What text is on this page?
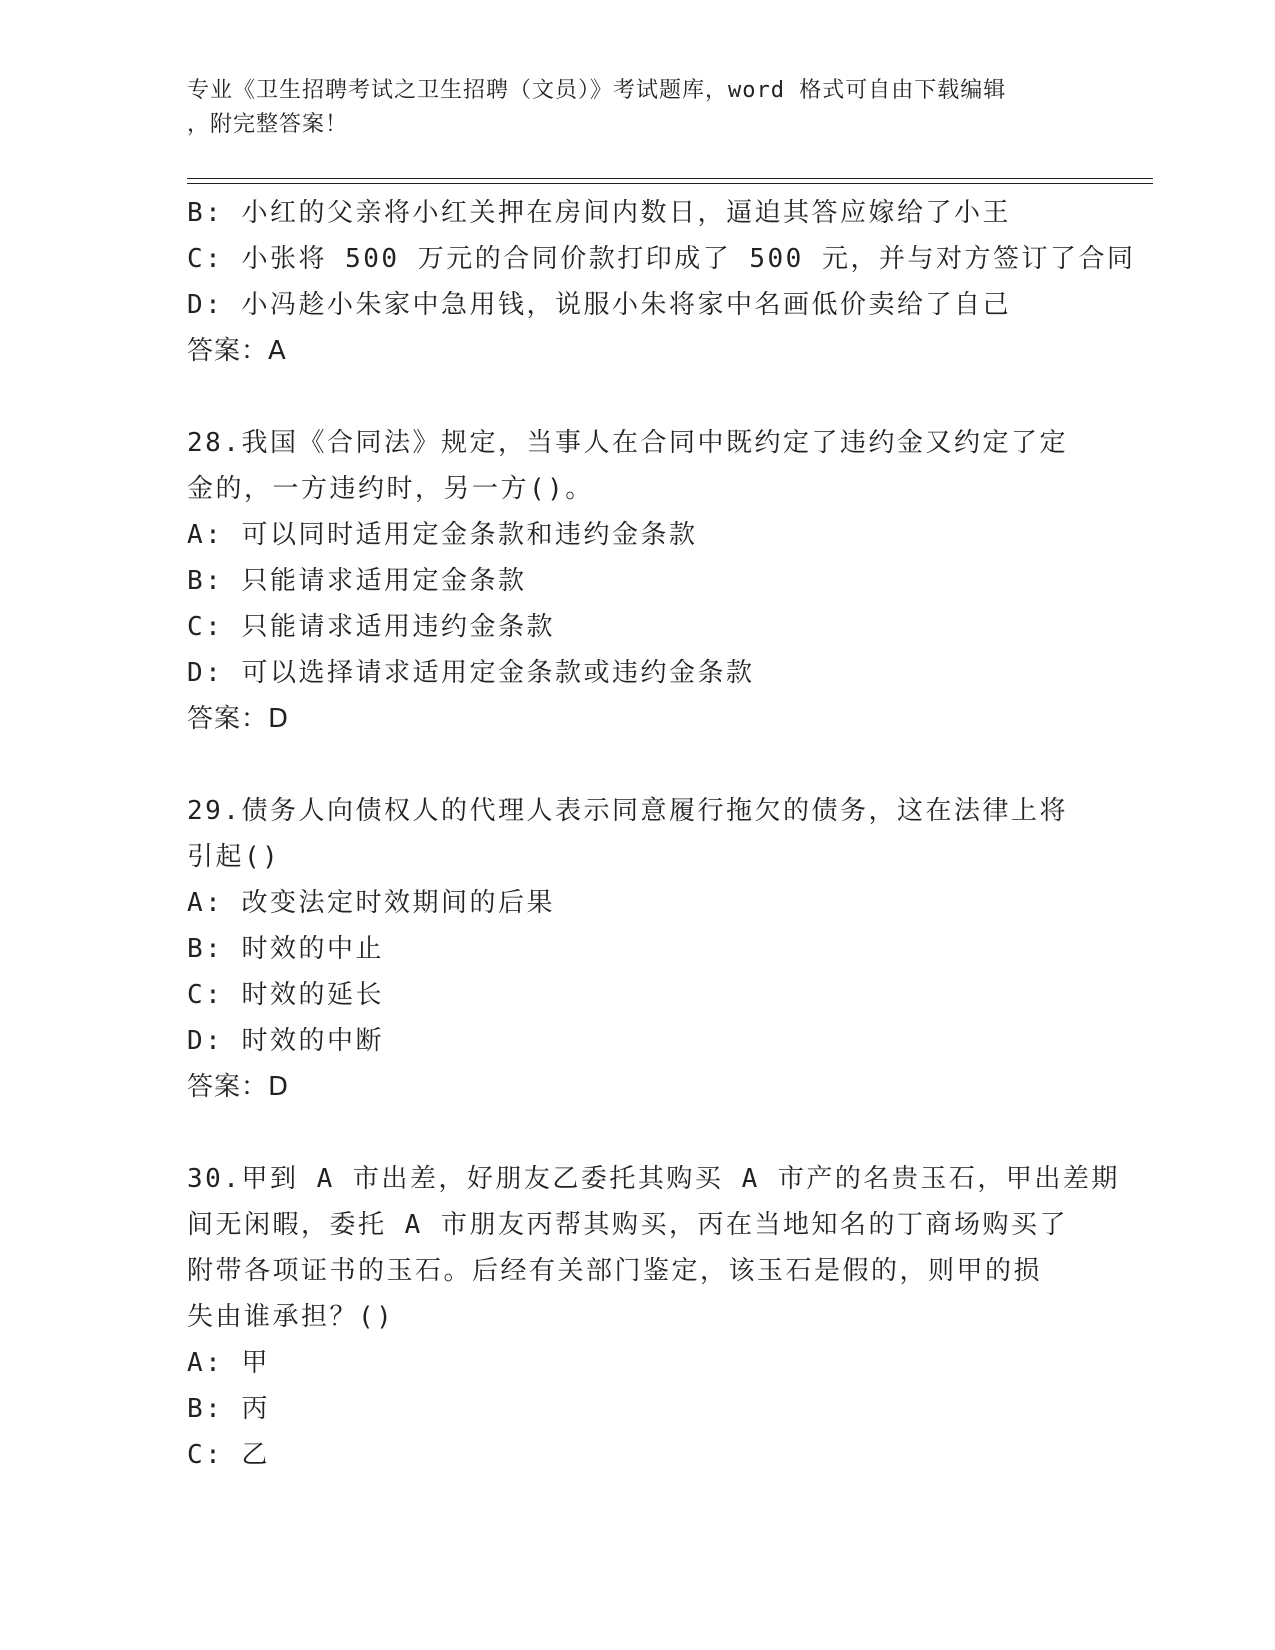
专业《卫生招聘考试之卫生招聘（文员）》考试题库，word 格式可自由下载编辑
，附完整答案！
B: 小红的父亲将小红关押在房间内数日，逼迫其答应嫁给了小王
C: 小张将 500 万元的合同价款打印成了 500 元，并与对方签订了合同
D: 小冯趁小朱家中急用钱，说服小朱将家中名画低价卖给了自己
答案：A
28.我国《合同法》规定，当事人在合同中既约定了违约金又约定了定
金的，一方违约时，另一方()。
A: 可以同时适用定金条款和违约金条款
B: 只能请求适用定金条款
C: 只能请求适用违约金条款
D: 可以选择请求适用定金条款或违约金条款
答案：D
29.债务人向债权人的代理人表示同意履行拖欠的债务，这在法律上将
引起()
A: 改变法定时效期间的后果
B: 时效的中止
C: 时效的延长
D: 时效的中断
答案：D
30.甲到 A 市出差，好朋友乙委托其购买 A 市产的名贵玉石，甲出差期
间无闲暇，委托 A 市朋友丙帮其购买，丙在当地知名的丁商场购买了
附带各项证书的玉石。后经有关部门鉴定，该玉石是假的，则甲的损
失由谁承担？()
A: 甲
B: 丙
C: 乙
